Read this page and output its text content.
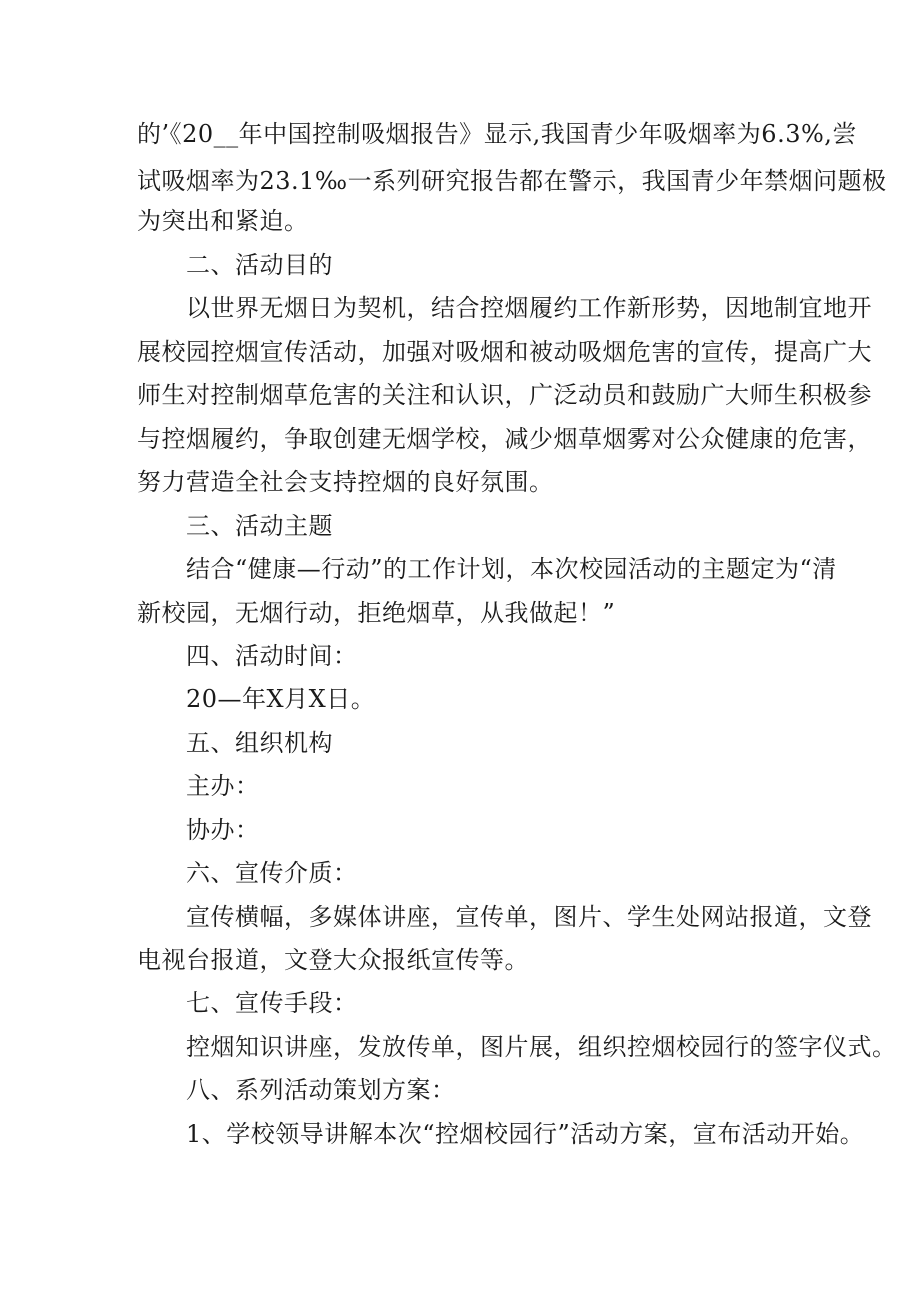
的’《20__年中国控制吸烟报告》显示,我国青少年吸烟率为6.3%,尝
试吸烟率为23.1‰一系列研究报告都在警示，我国青少年禁烟问题极
为突出和紧迫。
二、活动目的
以世界无烟日为契机，结合控烟履约工作新形势，因地制宜地开
展校园控烟宣传活动，加强对吸烟和被动吸烟危害的宣传，提高广大
师生对控制烟草危害的关注和认识，广泛动员和鼓励广大师生积极参
与控烟履约，争取创建无烟学校，减少烟草烟雾对公众健康的危害，
努力营造全社会支持控烟的良好氛围。
三、活动主题
结合“健康—行动”的工作计划，本次校园活动的主题定为“清
新校园，无烟行动，拒绝烟草，从我做起！”
四、活动时间：
20—年X月X日。
五、组织机构
主办：
协办：
六、宣传介质：
宣传横幅，多媒体讲座，宣传单，图片、学生处网站报道，文登
电视台报道，文登大众报纸宣传等。
七、宣传手段：
控烟知识讲座，发放传单，图片展，组织控烟校园行的签字仪式。
八、系列活动策划方案：
1、学校领导讲解本次“控烟校园行”活动方案，宣布活动开始。
